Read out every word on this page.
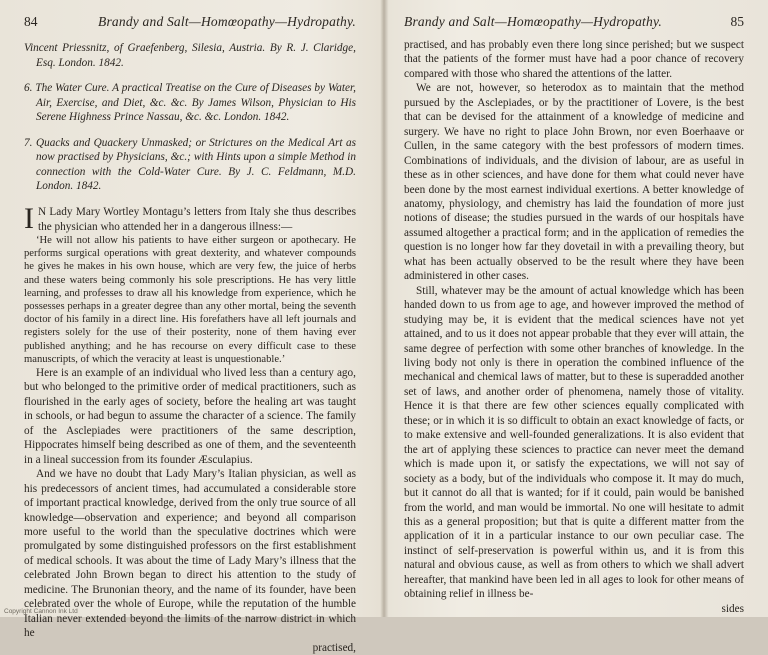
84	Brandy and Salt—Homœopathy—Hydropathy.

Vincent Priessnitz, of Graefenberg, Silesia, Austria. By R. J. Claridge, Esq. London. 1842.

6. The Water Cure. A practical Treatise on the Cure of Diseases by Water, Air, Exercise, and Diet, &c. &c. By James Wilson, Physician to His Serene Highness Prince Nassau, &c. &c. London. 1842.

7. Quacks and Quackery Unmasked; or Strictures on the Medical Art as now practised by Physicians, &c.; with Hints upon a simple Method in connection with the Cold-Water Cure. By J. C. Feldmann, M.D. London. 1842.

I N Lady Mary Wortley Montagu’s letters from Italy she thus describes the physician who attended her in a dangerous illness:—

‘He will not allow his patients to have either surgeon or apothecary. He performs surgical operations with great dexterity, and whatever compounds he gives he makes in his own house, which are very few, the juice of herbs and these waters being commonly his sole prescriptions. He has very little learning, and professes to draw all his knowledge from experience, which he possesses perhaps in a greater degree than any other mortal, being the seventh doctor of his family in a direct line. His forefathers have all left journals and registers solely for the use of their posterity, none of them having ever published anything; and he has recourse on every difficult case to these manuscripts, of which the veracity at least is unquestionable.’

Here is an example of an individual who lived less than a century ago, but who belonged to the primitive order of medical practitioners, such as flourished in the early ages of society, before the healing art was taught in schools, or had begun to assume the character of a science. The family of the Asclepiades were practitioners of the same description, Hippocrates himself being described as one of them, and the seventeenth in a lineal succession from its founder Æsculapius.

And we have no doubt that Lady Mary’s Italian physician, as well as his predecessors of ancient times, had accumulated a considerable store of important practical knowledge, derived from the only true source of all knowledge—observation and experience; and beyond all comparison more useful to the world than the speculative doctrines which were promulgated by some distinguished professors on the first establishment of medical schools. It was about the time of Lady Mary’s illness that the celebrated John Brown began to direct his attention to the study of medicine. The Brunonian theory, and the name of its founder, have been celebrated over the whole of Europe, while the reputation of the humble Italian never extended beyond the limits of the narrow district in which he

practised,
Brandy and Salt—Homœopathy—Hydropathy.	85

practised, and has probably even there long since perished; but we suspect that the patients of the former must have had a poor chance of recovery compared with those who shared the attentions of the latter.

We are not, however, so heterodox as to maintain that the method pursued by the Asclepiades, or by the practitioner of Lovere, is the best that can be devised for the attainment of a knowledge of medicine and surgery. We have no right to place John Brown, nor even Boerhaave or Cullen, in the same category with the best professors of modern times. Combinations of individuals, and the division of labour, are as useful in these as in other sciences, and have done for them what could never have been done by the most earnest individual exertions. A better knowledge of anatomy, physiology, and chemistry has laid the foundation of more just notions of disease; the studies pursued in the wards of our hospitals have assumed altogether a practical form; and in the application of remedies the question is no longer how far they dovetail in with a prevailing theory, but what has been actually observed to be the result where they have been administered in other cases.

Still, whatever may be the amount of actual knowledge which has been handed down to us from age to age, and however improved the method of studying may be, it is evident that the medical sciences have not yet attained, and to us it does not appear probable that they ever will attain, the same degree of perfection with some other branches of knowledge. In the living body not only is there in operation the combined influence of the mechanical and chemical laws of matter, but to these is superadded another set of laws, and another order of phenomena, namely those of vitality. Hence it is that there are few other sciences equally complicated with these; or in which it is so difficult to obtain an exact knowledge of facts, or to make extensive and well-founded generalizations. It is also evident that the art of applying these sciences to practice can never meet the demand which is made upon it, or satisfy the expectations, we will not say of society as a body, but of the individuals who compose it. It may do much, but it cannot do all that is wanted; for if it could, pain would be banished from the world, and man would be immortal. No one will hesitate to admit this as a general proposition; but that is quite a different matter from the application of it in a particular instance to our own peculiar case. The instinct of self-preservation is powerful within us, and it is from this natural and obvious cause, as well as from others to which we shall advert hereafter, that mankind have been led in all ages to look for other means of obtaining relief in illness be-

sides
Copyright Cannon Ink Ltd
